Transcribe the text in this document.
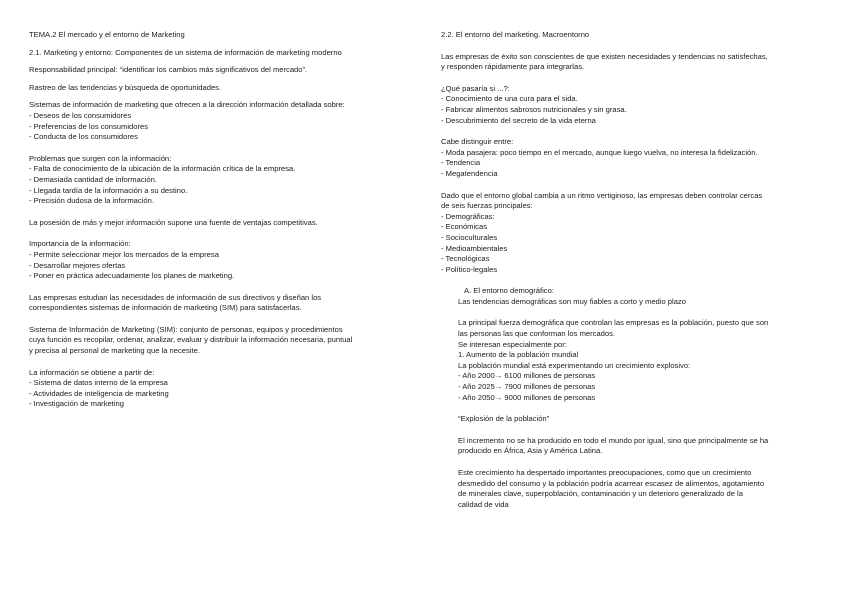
TEMA.2 El mercado y el entorno de Marketing
2.1. Marketing y entorno: Componentes de un sistema de información de marketing moderno
Responsabilidad principal: “identificar los cambios más significativos del mercado”.
Rastreo de las tendencias y búsqueda de oportunidades.
Sistemas de información de marketing que ofrecen a la dirección información detallada sobre:
- Deseos de los consumidores
- Preferencias de los consumidores
- Conducta de los consumidores
Problemas que surgen con la información:
- Falta de conocimiento de la ubicación de la información crítica de la empresa.
- Demasiada cantidad de información.
- Llegada tardía de la información a su destino.
- Precisión dudosa de la información.
La posesión de más y mejor información supone una fuente de ventajas competitivas.
Importancia de la información:
- Permite seleccionar mejor los mercados de la empresa
- Desarrollar mejores ofertas
- Poner en práctica adecuadamente los planes de marketing.
Las empresas estudian las necesidades de información de sus directivos y diseñan los
correspondientes sistemas de información de marketing (SIM) para satisfacerlas.
Sistema de Información de Marketing (SIM): conjunto de personas, equipos y procedimientos
cuya función es recopilar, ordenar, analizar, evaluar y distribuir la información necesaria, puntual
y precisa al personal de marketing que la necesite.
La información se obtiene a partir de:
- Sistema de datos interno de la empresa
- Actividades de inteligencia de marketing
- Investigación de marketing
2.2. El entorno del marketing. Macroentorno
Las empresas de éxito son conscientes de que existen necesidades y tendencias no satisfechas,
y responden rápidamente para integrarlas.
¿Qué pasaría si ...?:
- Conocimiento de una cura para el sida.
- Fabricar alimentos sabrosos nutricionales y sin grasa.
- Descubrimiento del secreto de la vida eterna
Cabe distinguir entre:
- Moda pasajera: poco tiempo en el mercado, aunque luego vuelva, no interesa la fidelización.
- Tendencia
- Megatendencia
Dado que el entorno global cambia a un ritmo vertiginoso, las empresas deben controlar cercas
de seis fuerzas principales:
- Demográficas:
- Económicas
- Socioculturales
- Medioambientales
- Tecnológicas
- Político-legales
A. El entorno demográfico:
Las tendencias demográficas son muy fiables a corto y medio plazo
La principal fuerza demográfica que controlan las empresas es la población, puesto que son
las personas las que conforman los mercados.
Se interesan especialmente por:
1. Aumento de la población mundial
La población mundial está experimentando un crecimiento explosivo:
- Año 2000→ 6100 millones de personas
- Año 2025→ 7900 millones de personas
- Año 2050→ 9000 millones de personas
“Explosión de la población”
El incremento no se ha producido en todo el mundo por igual, sino que principalmente se ha
producido en África, Asia y América Latina.
Este crecimiento ha despertado importantes preocupaciones, como que un crecimiento
desmedido del consumo y la población podría acarrear escasez de alimentos, agotamiento
de minerales clave, superpoblación, contaminación y un deterioro generalizado de la
calidad de vida
